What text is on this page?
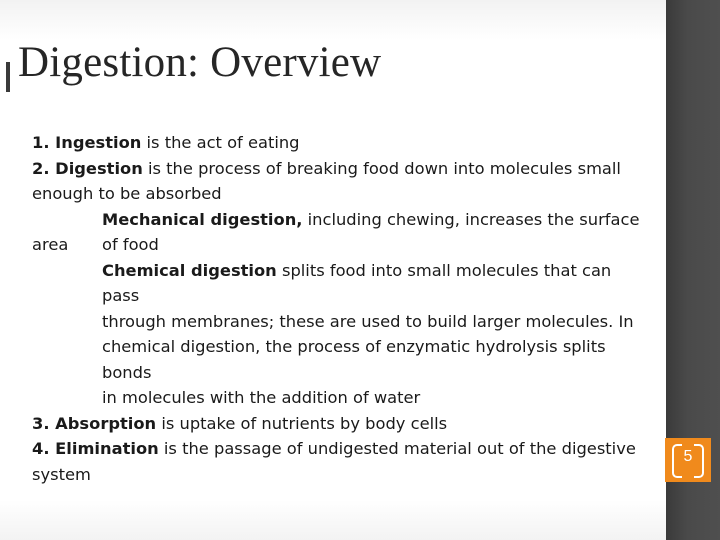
Digestion: Overview

1. Ingestion is the act of eating

2. Digestion is the process of breaking food down into molecules small

enough to be absorbed

Mechanical digestion, including chewing, increases the surface

area	of food

Chemical digestion splits food into small molecules that can pass

through membranes; these are used to build larger molecules. In

chemical digestion, the process of enzymatic hydrolysis splits bonds

in molecules with the addition of water

3. Absorption is uptake of nutrients by body cells

4. Elimination is the passage of undigested material out of the digestive

system

5
